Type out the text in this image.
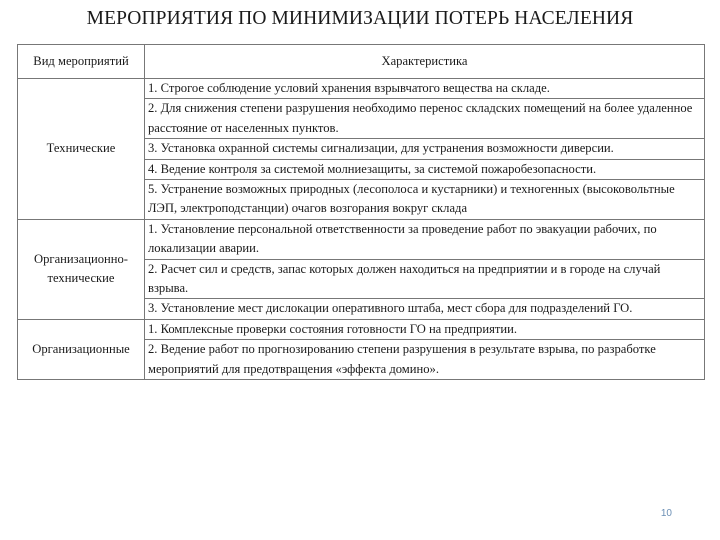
МЕРОПРИЯТИЯ ПО МИНИМИЗАЦИИ ПОТЕРЬ НАСЕЛЕНИЯ
Вид мероприятий	Характеристика
Технические	1. Строгое соблюдение условий хранения взрывчатого вещества на складе.
	2. Для снижения степени разрушения необходимо перенос складских помещений на более удаленное расстояние от населенных пунктов.
	3. Установка охранной системы сигнализации, для устранения возможности диверсии.
	4. Ведение контроля за системой молниезащиты, за системой пожаробезопасности.
	5. Устранение возможных природных (лесополоса и кустарники) и техногенных (высоковольтные ЛЭП, электроподстанции) очагов возгорания вокруг склада
Организационно-технические	1. Установление персональной ответственности за проведение работ по эвакуации рабочих, по локализации аварии.
	2. Расчет сил и средств, запас которых должен находиться на предприятии и в городе на случай взрыва.
	3. Установление мест дислокации оперативного штаба, мест сбора для подразделений ГО.
Организационные	1. Комплексные проверки состояния готовности ГО на предприятии.
	2. Ведение работ по прогнозированию степени разрушения в результате взрыва, по разработке мероприятий для предотвращения «эффекта домино».
10
